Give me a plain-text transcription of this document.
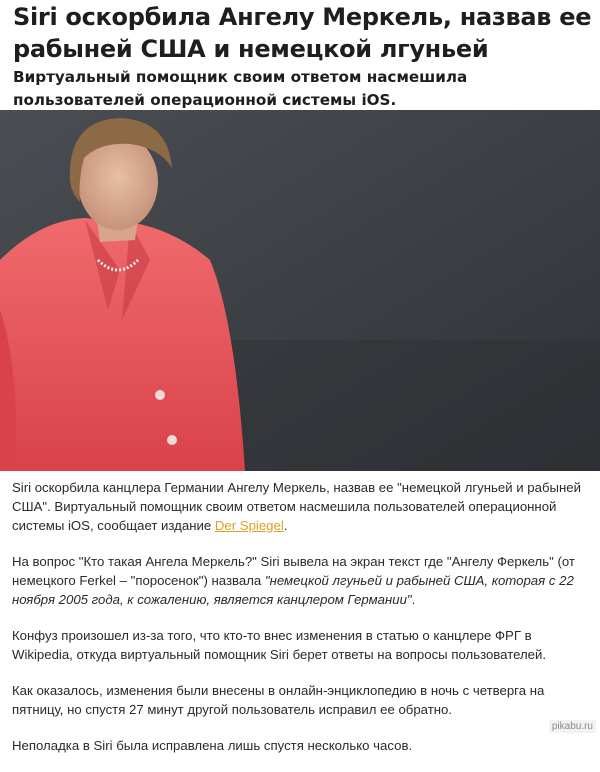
Siri оскорбила Ангелу Меркель, назвав ее рабыней США и немецкой лгуньей
Виртуальный помощник своим ответом насмешила пользователей операционной системы iOS.

Siri оскорбила канцлера Германии Ангелу Меркель, назвав ее "немецкой лгуньей и рабыней США". Виртуальный помощник своим ответом насмешила пользователей операционной системы iOS, сообщает издание Der Spiegel.

На вопрос "Кто такая Ангела Меркель?" Siri вывела на экран текст где "Ангелу Феркель" (от немецкого Ferkel – "поросенок") назвала "немецкой лгуньей и рабыней США, которая с 22 ноября 2005 года, к сожалению, является канцлером Германии".

Конфуз произошел из-за того, что кто-то внес изменения в статью о канцлере ФРГ в Wikipedia, откуда виртуальный помощник Siri берет ответы на вопросы пользователей.

Как оказалось, изменения были внесены в онлайн-энциклопедию в ночь с четверга на пятницу, но спустя 27 минут другой пользователь исправил ее обратно.

Неполадка в Siri была исправлена лишь спустя несколько часов.

pikabu.ru
